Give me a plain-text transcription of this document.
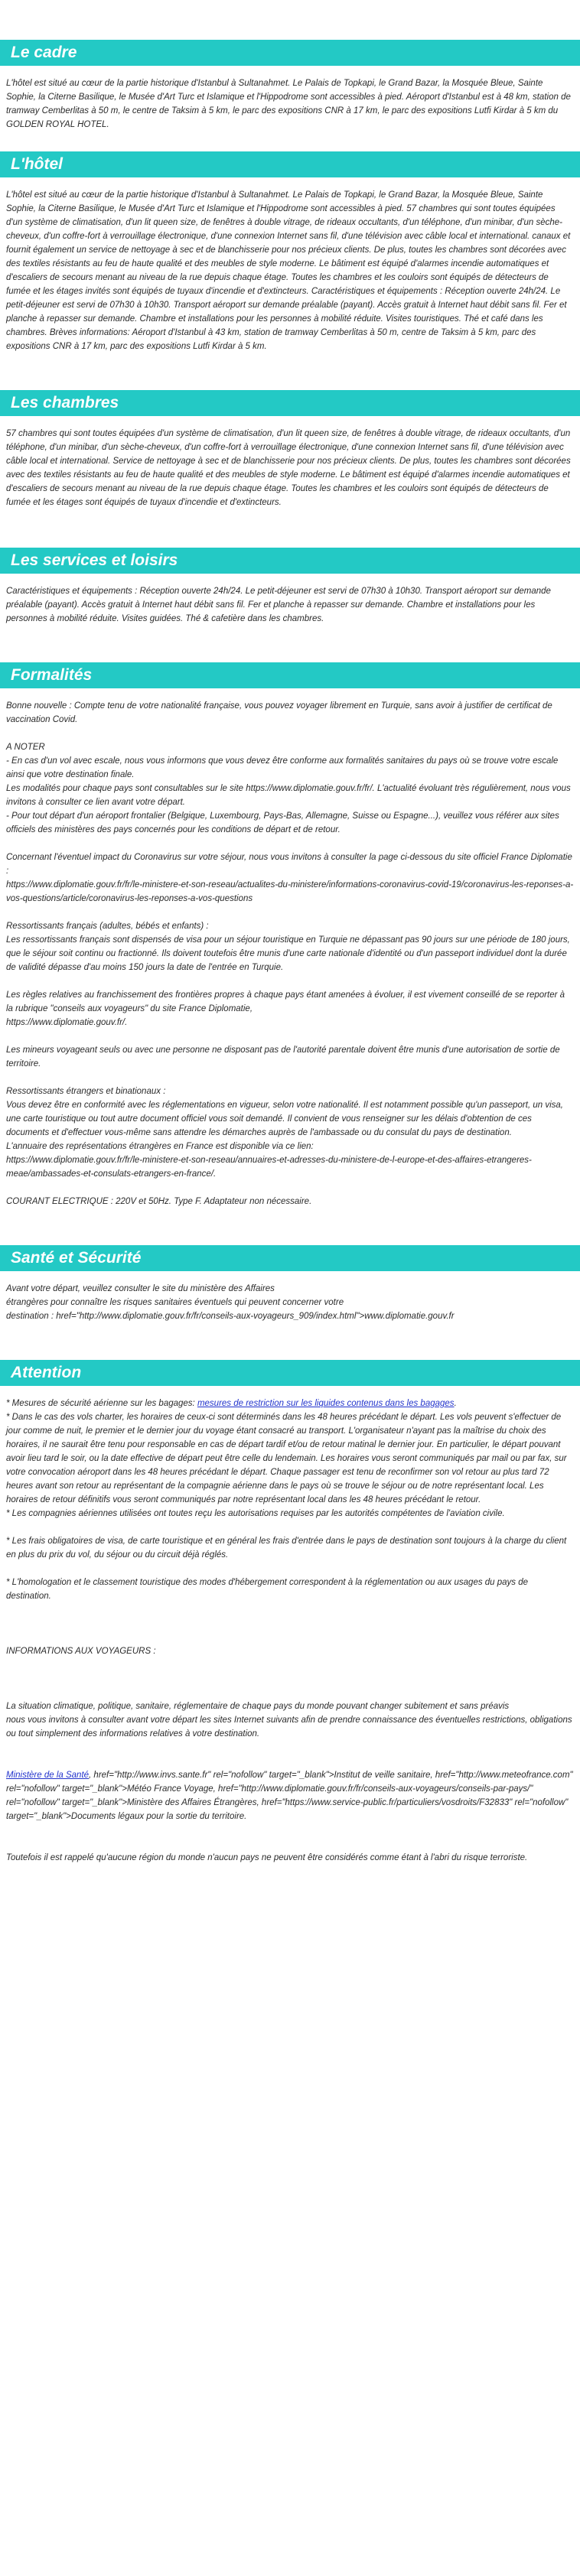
Le cadre

L'hôtel est situé au cœur de la partie historique d'Istanbul à Sultanahmet. Le Palais de Topkapi, le Grand Bazar, la Mosquée Bleue, Sainte Sophie, la Citerne Basilique, le Musée d'Art Turc et Islamique et l'Hippodrome sont accessibles à pied. Aéroport d'Istanbul est à 48 km, station de tramway Cemberlitas à 50 m, le centre de Taksim à 5 km, le parc des expositions CNR à 17 km, le parc des expositions Lutfi Kirdar à 5 km du GOLDEN ROYAL HOTEL.

L'hôtel

L'hôtel est situé au cœur de la partie historique d'Istanbul à Sultanahmet. Le Palais de Topkapi, le Grand Bazar, la Mosquée Bleue, Sainte Sophie, la Citerne Basilique, le Musée d'Art Turc et Islamique et l'Hippodrome sont accessibles à pied. 57 chambres qui sont toutes équipées d'un système de climatisation, d'un lit queen size, de fenêtres à double vitrage, de rideaux occultants, d'un téléphone, d'un minibar, d'un sèche-cheveux, d'un coffre-fort à verrouillage électronique, d'une connexion Internet sans fil, d'une télévision avec câble local et international. canaux et fournit également un service de nettoyage à sec et de blanchisserie pour nos précieux clients. De plus, toutes les chambres sont décorées avec des textiles résistants au feu de haute qualité et des meubles de style moderne. Le bâtiment est équipé d'alarmes incendie automatiques et d'escaliers de secours menant au niveau de la rue depuis chaque étage. Toutes les chambres et les couloirs sont équipés de détecteurs de fumée et les étages invités sont équipés de tuyaux d'incendie et d'extincteurs. Caractéristiques et équipements : Réception ouverte 24h/24. Le petit-déjeuner est servi de 07h30 à 10h30. Transport aéroport sur demande préalable (payant). Accès gratuit à Internet haut débit sans fil. Fer et planche à repasser sur demande. Chambre et installations pour les personnes à mobilité réduite. Visites touristiques. Thé et café dans les chambres. Brèves informations: Aéroport d'Istanbul à 43 km, station de tramway Cemberlitas à 50 m, centre de Taksim à 5 km, parc des expositions CNR à 17 km, parc des expositions Lutfi Kirdar à 5 km.

Les chambres

57 chambres qui sont toutes équipées d'un système de climatisation, d'un lit queen size, de fenêtres à double vitrage, de rideaux occultants, d'un téléphone, d'un minibar, d'un sèche-cheveux, d'un coffre-fort à verrouillage électronique, d'une connexion Internet sans fil, d'une télévision avec câble local et international. Service de nettoyage à sec et de blanchisserie pour nos précieux clients. De plus, toutes les chambres sont décorées avec des textiles résistants au feu de haute qualité et des meubles de style moderne. Le bâtiment est équipé d'alarmes incendie automatiques et d'escaliers de secours menant au niveau de la rue depuis chaque étage. Toutes les chambres et les couloirs sont équipés de détecteurs de fumée et les étages sont équipés de tuyaux d'incendie et d'extincteurs.

Les services et loisirs

Caractéristiques et équipements : Réception ouverte 24h/24. Le petit-déjeuner est servi de 07h30 à 10h30. Transport aéroport sur demande préalable (payant). Accès gratuit à Internet haut débit sans fil. Fer et planche à repasser sur demande. Chambre et installations pour les personnes à mobilité réduite. Visites guidées. Thé & cafetière dans les chambres.

Formalités

Bonne nouvelle : Compte tenu de votre nationalité française, vous pouvez voyager librement en Turquie, sans avoir à justifier de certificat de vaccination Covid.

A NOTER
- En cas d'un vol avec escale, nous vous informons que vous devez être conforme aux formalités sanitaires du pays où se trouve votre escale ainsi que votre destination finale.
Les modalités pour chaque pays sont consultables sur le site https://www.diplomatie.gouv.fr/fr/. L'actualité évoluant très régulièrement, nous vous invitons à consulter ce lien avant votre départ.
- Pour tout départ d'un aéroport frontalier (Belgique, Luxembourg, Pays-Bas, Allemagne, Suisse ou Espagne...), veuillez vous référer aux sites officiels des ministères des pays concernés pour les conditions de départ et de retour.

Concernant l'éventuel impact du Coronavirus sur votre séjour, nous vous invitons à consulter la page ci-dessous du site officiel France Diplomatie :
https://www.diplomatie.gouv.fr/fr/le-ministere-et-son-reseau/actualites-du-ministere/informations-coronavirus-covid-19/coronavirus-les-reponses-a-vos-questions/article/coronavirus-les-reponses-a-vos-questions

Ressortissants français (adultes, bébés et enfants) :
Les ressortissants français sont dispensés de visa pour un séjour touristique en Turquie ne dépassant pas 90 jours sur une période de 180 jours, que le séjour soit continu ou fractionné. Ils doivent toutefois être munis d'une carte nationale d'identité ou d'un passeport individuel dont la durée de validité dépasse d'au moins 150 jours la date de l'entrée en Turquie.

Les règles relatives au franchissement des frontières propres à chaque pays étant amenées à évoluer, il est vivement conseillé de se reporter à la rubrique "conseils aux voyageurs" du site France Diplomatie,
https://www.diplomatie.gouv.fr/.

Les mineurs voyageant seuls ou avec une personne ne disposant pas de l'autorité parentale doivent être munis d'une autorisation de sortie de territoire.

Ressortissants étrangers et binationaux :
Vous devez être en conformité avec les réglementations en vigueur, selon votre nationalité. Il est notamment possible qu'un passeport, un visa, une carte touristique ou tout autre document officiel vous soit demandé. Il convient de vous renseigner sur les délais d'obtention de ces documents et d'effectuer vous-même sans attendre les démarches auprès de l'ambassade ou du consulat du pays de destination.
L'annuaire des représentations étrangères en France est disponible via ce lien:
https://www.diplomatie.gouv.fr/fr/le-ministere-et-son-reseau/annuaires-et-adresses-du-ministere-de-l-europe-et-des-affaires-etrangeres-meae/ambassades-et-consulats-etrangers-en-france/.

COURANT ELECTRIQUE : 220V et 50Hz. Type F. Adaptateur non nécessaire.

Santé et Sécurité

Avant votre départ, veuillez consulter le site du ministère des Affaires
étrangères pour connaître les risques sanitaires éventuels qui peuvent concerner votre
destination : href="http://www.diplomatie.gouv.fr/fr/conseils-aux-voyageurs_909/index.html">www.diplomatie.gouv.fr

Attention

* Mesures de sécurité aérienne sur les bagages: mesures de restriction sur les liquides contenus dans les bagages.

* Dans le cas des vols charter, les horaires de ceux-ci sont déterminés dans les 48 heures précédant le départ. Les vols peuvent s'effectuer de jour comme de nuit, le premier et le dernier jour du voyage étant consacré au transport. L'organisateur n'ayant pas la maîtrise du choix des horaires, il ne saurait être tenu pour responsable en cas de départ tardif et/ou de retour matinal le dernier jour. En particulier, le départ pouvant avoir lieu tard le soir, ou la date effective de départ peut être celle du lendemain. Les horaires vous seront communiqués par mail ou par fax, sur votre convocation aéroport dans les 48 heures précédant le départ. Chaque passager est tenu de reconfirmer son vol retour au plus tard 72 heures avant son retour au représentant de la compagnie aérienne dans le pays où se trouve le séjour ou de notre représentant local. Les horaires de retour définitifs vous seront communiqués par notre représentant local dans les 48 heures précédant le retour.
* Les compagnies aériennes utilisées ont toutes reçu les autorisations requises par les autorités compétentes de l'aviation civile.

* Les frais obligatoires de visa, de carte touristique et en général les frais d'entrée dans le pays de destination sont toujours à la charge du client en plus du prix du vol, du séjour ou du circuit déjà réglés.

* L'homologation et le classement touristique des modes d'hébergement correspondent à la réglementation ou aux usages du pays de destination.

INFORMATIONS AUX VOYAGEURS :

La situation climatique, politique, sanitaire, réglementaire de chaque pays du monde pouvant changer subitement et sans préavis
nous vous invitons à consulter avant votre départ les sites Internet suivants afin de prendre connaissance des éventuelles restrictions, obligations ou tout simplement des informations relatives à votre destination.

Ministère de la Santé, href="http://www.invs.sante.fr" rel="nofollow" target="_blank">Institut de veille sanitaire, href="http://www.meteofrance.com" rel="nofollow" target="_blank">Météo France Voyage, href="http://www.diplomatie.gouv.fr/fr/conseils-aux-voyageurs/conseils-par-pays/" rel="nofollow" target="_blank">Ministère des Affaires Étrangères, href="https://www.service-public.fr/particuliers/vosdroits/F32833" rel="nofollow" target="_blank">Documents légaux pour la sortie du territoire.

Toutefois il est rappelé qu'aucune région du monde n'aucun pays ne peuvent être considérés comme étant à l'abri du risque terroriste.
